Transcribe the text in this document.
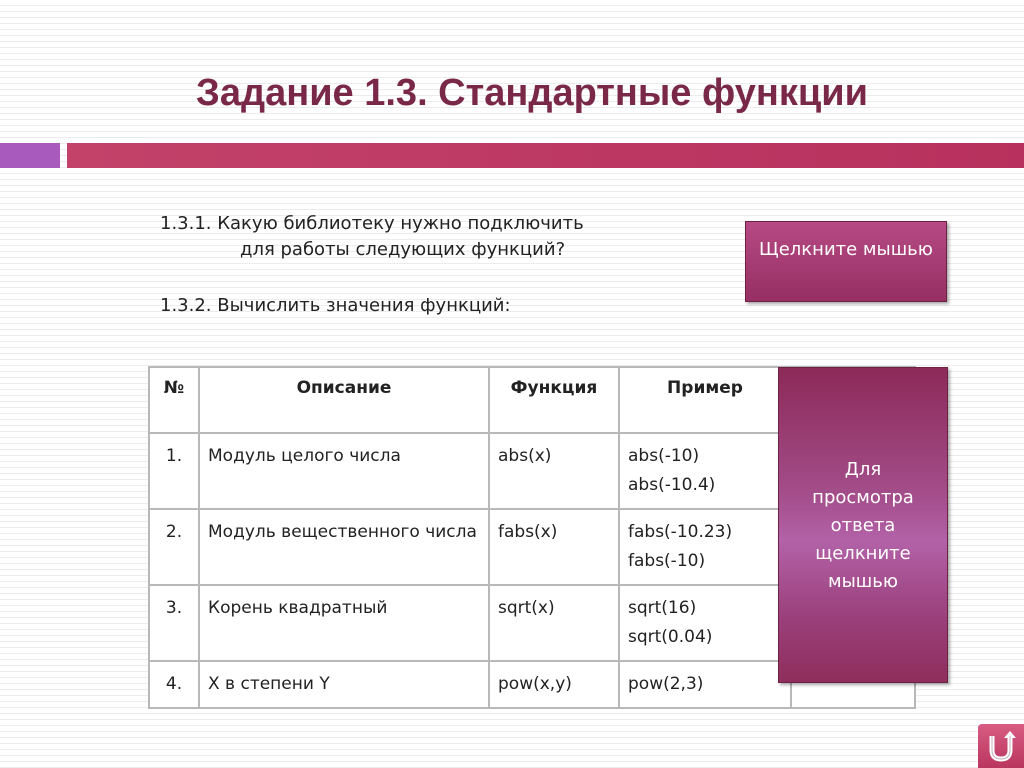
Задание 1.3. Стандартные функции
1.3.1. Какую библиотеку нужно подключить
для работы следующих функций?
1.3.2. Вычислить значения функций:
Щелкните мышью
№	Описание	Функция	Пример	
1.	Модуль целого числа	abs(x)	abs(-10)
abs(-10.4)	

2.	Модуль вещественного числа	fabs(x)	fabs(-10.23)
fabs(-10)	

3.	Корень квадратный	sqrt(x)	sqrt(16)
sqrt(0.04)	

4.	X в степени Y	pow(x,y)	pow(2,3)	
Для
просмотра
ответа
щелкните
мышью
